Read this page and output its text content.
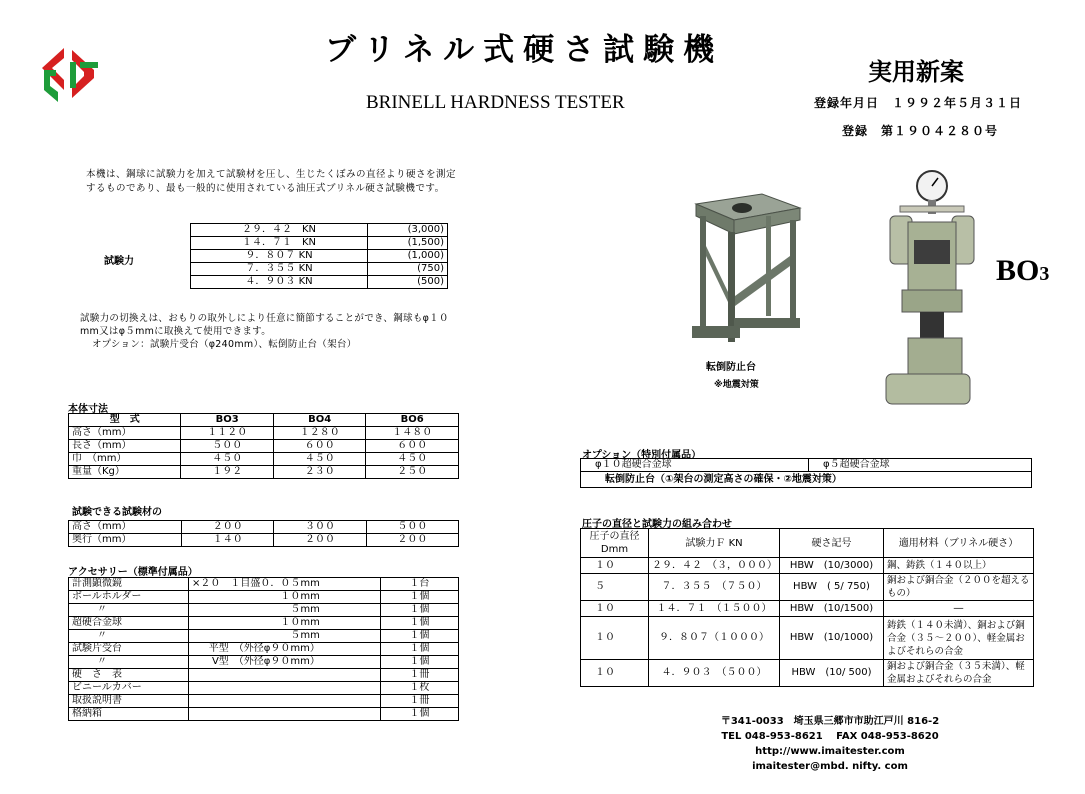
ブリネル式硬さ試験機
BRINELL HARDNESS TESTER
実用新案
登録年月日　１９９２年５月３１日
登録　第１９０４２８０号
本機は、鋼球に試験力を加えて試験材を圧し、生じたくぼみの直径より硬さを測定するものであり、最も一般的に使用されている油圧式ブリネル硬さ試験機です。
試験力
２９．４２　KN	(3,000)
１４．７１　KN	(1,500)
９．８０７ KN	(1,000)
７．３５５ KN	(750)
４．９０３ KN	(500)
試験力の切換えは、おもりの取外しにより任意に簡節することができ、鋼球もφ１０mm又はφ５mmに取換えて使用できます。
オプション：試験片受台（φ240mm）、転倒防止台（架台）
本体寸法
型　式	BO3	BO4	BO6
高さ（mm）	１１２０	１２８０	１４８０
長さ（mm）	５００	６００	６００
巾　（mm）	４５０	４５０	４５０
重量（Kg）	１９２	２３０	２５０
試験できる試験材の
高さ（mm）	２００	３００	５００
奥行（mm）	１４０	２００	２００
アクセサリー（標準付属品）
計測顕微鏡	×２０　１目盛０．０５mm	１台
ボールホルダー	１０mm	１個
〃	５mm	１個
超硬合金球	１０mm	１個
〃	５mm	１個
試験片受台	平型　（外径φ９０mm）	１個
〃	V型　（外径φ９０mm）	１個
硬　さ　表		１冊
ビニールカバー		１枚
取扱説明書		１冊
格納箱		１個
転倒防止台
※地震対策
BO3
オプション（特別付属品）
φ１０超硬合金球	φ５超硬合金球
転倒防止台（①架台の測定高さの確保・②地震対策）
圧子の直径と試験力の組み合わせ
圧子の直径 Dmm	試験力Ｆ KN	硬さ記号	適用材料（ブリネル硬さ）
１０	２９．４２　（３，０００）	HBW　(10/3000)	鋼、鋳鉄（１４０以上）
５	７．３５５　（７５０）	HBW　( 5/ 750)	銅および銅合金（２００を超えるもの）
１０	１４．７１　（１５００）	HBW　(10/1500)	―
１０	９．８０７（１０００）	HBW　(10/1000)	鋳鉄（１４０未満）、銅および銅合金（３５～２００）、軽金属およびそれらの合金
１０	４．９０３　（５００）	HBW　(10/ 500)	銅および銅合金（３５未満）、軽金属およびそれらの合金
〒341-0033　埼玉県三郷市市助江戸川 816-2
TEL 048-953-8621　 FAX 048-953-8620
http://www.imaitester.com
imaitester@mbd. nifty. com
